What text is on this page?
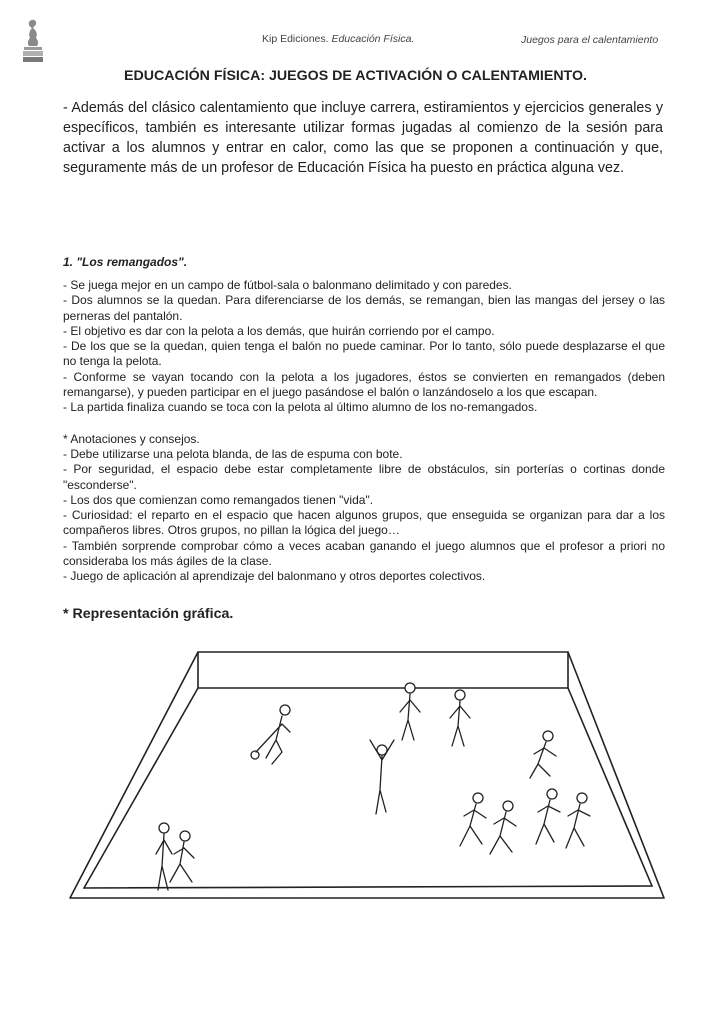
Kip Ediciones. Educación Física.	Juegos para el calentamiento
EDUCACIÓN FÍSICA: JUEGOS DE ACTIVACIÓN O CALENTAMIENTO.

- Además del clásico calentamiento que incluye carrera, estiramientos y ejercicios generales y específicos, también es interesante utilizar formas jugadas al comienzo de la sesión para activar a los alumnos y entrar en calor, como las que se proponen a continuación y que, seguramente más de un profesor de Educación Física ha puesto en práctica alguna vez.

1. "Los remangados".

- Se juega mejor en un campo de fútbol-sala o balonmano delimitado y con paredes.

- Dos alumnos se la quedan. Para diferenciarse de los demás, se remangan, bien las mangas del jersey o las perneras del pantalón.

- El objetivo es dar con la pelota a los demás, que huirán corriendo por el campo.

- De los que se la quedan, quien tenga el balón no puede caminar. Por lo tanto, sólo puede desplazarse el que no tenga la pelota.

- Conforme se vayan tocando con la pelota a los jugadores, éstos se convierten en remangados (deben remangarse), y pueden participar en el juego pasándose el balón o lanzándoselo a los que escapan.

- La partida finaliza cuando se toca con la pelota al último alumno de los no-remangados.

* Anotaciones y consejos.

- Debe utilizarse una pelota blanda, de las de espuma con bote.

- Por seguridad, el espacio debe estar completamente libre de obstáculos, sin porterías o cortinas donde "esconderse".

- Los dos que comienzan como remangados tienen "vida".

- Curiosidad: el reparto en el espacio que hacen algunos grupos, que enseguida se organizan para dar a los compañeros libres. Otros grupos, no pillan la lógica del juego…

- También sorprende comprobar cómo a veces acaban ganando el juego alumnos que el profesor a priori no consideraba los más ágiles de la clase.

- Juego de aplicación al aprendizaje del balonmano y otros deportes colectivos.

* Representación gráfica.
